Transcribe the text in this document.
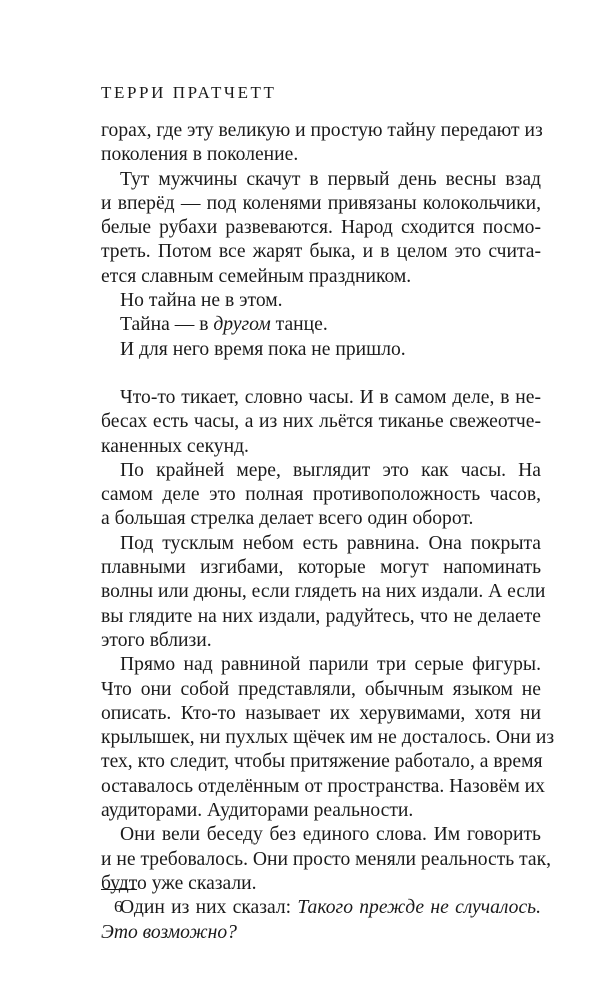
ТЕРРИ ПРАТЧЕТТ

горах, где эту великую и простую тайну передают из
поколения в поколение.

Тут мужчины скачут в первый день весны взад
и вперёд — под коленями привязаны колокольчики,
белые рубахи развеваются. Народ сходится посмо-
треть. Потом все жарят быка, и в целом это счита-
ется славным семейным праздником.

Но тайна не в этом.

Тайна — в другом танце.

И для него время пока не пришло.

Что-то тикает, словно часы. И в самом деле, в не-
бесах есть часы, а из них льётся тиканье свежеотче-
каненных секунд.

По крайней мере, выглядит это как часы. На
самом деле это полная противоположность часов,
а большая стрелка делает всего один оборот.

Под тусклым небом есть равнина. Она покрыта
плавными изгибами, которые могут напоминать
волны или дюны, если глядеть на них издали. А если
вы глядите на них издали, радуйтесь, что не делаете
этого вблизи.

Прямо над равниной парили три серые фигуры.
Что они собой представляли, обычным языком не
описать. Кто-то называет их херувимами, хотя ни
крылышек, ни пухлых щёчек им не досталось. Они из
тех, кто следит, чтобы притяжение работало, а время
оставалось отделённым от пространства. Назовём их
аудиторами. Аудиторами реальности.

Они вели беседу без единого слова. Им говорить
и не требовалось. Они просто меняли реальность так,
будто уже сказали.

Один из них сказал: Такого прежде не случалось.
Это возможно?

6
